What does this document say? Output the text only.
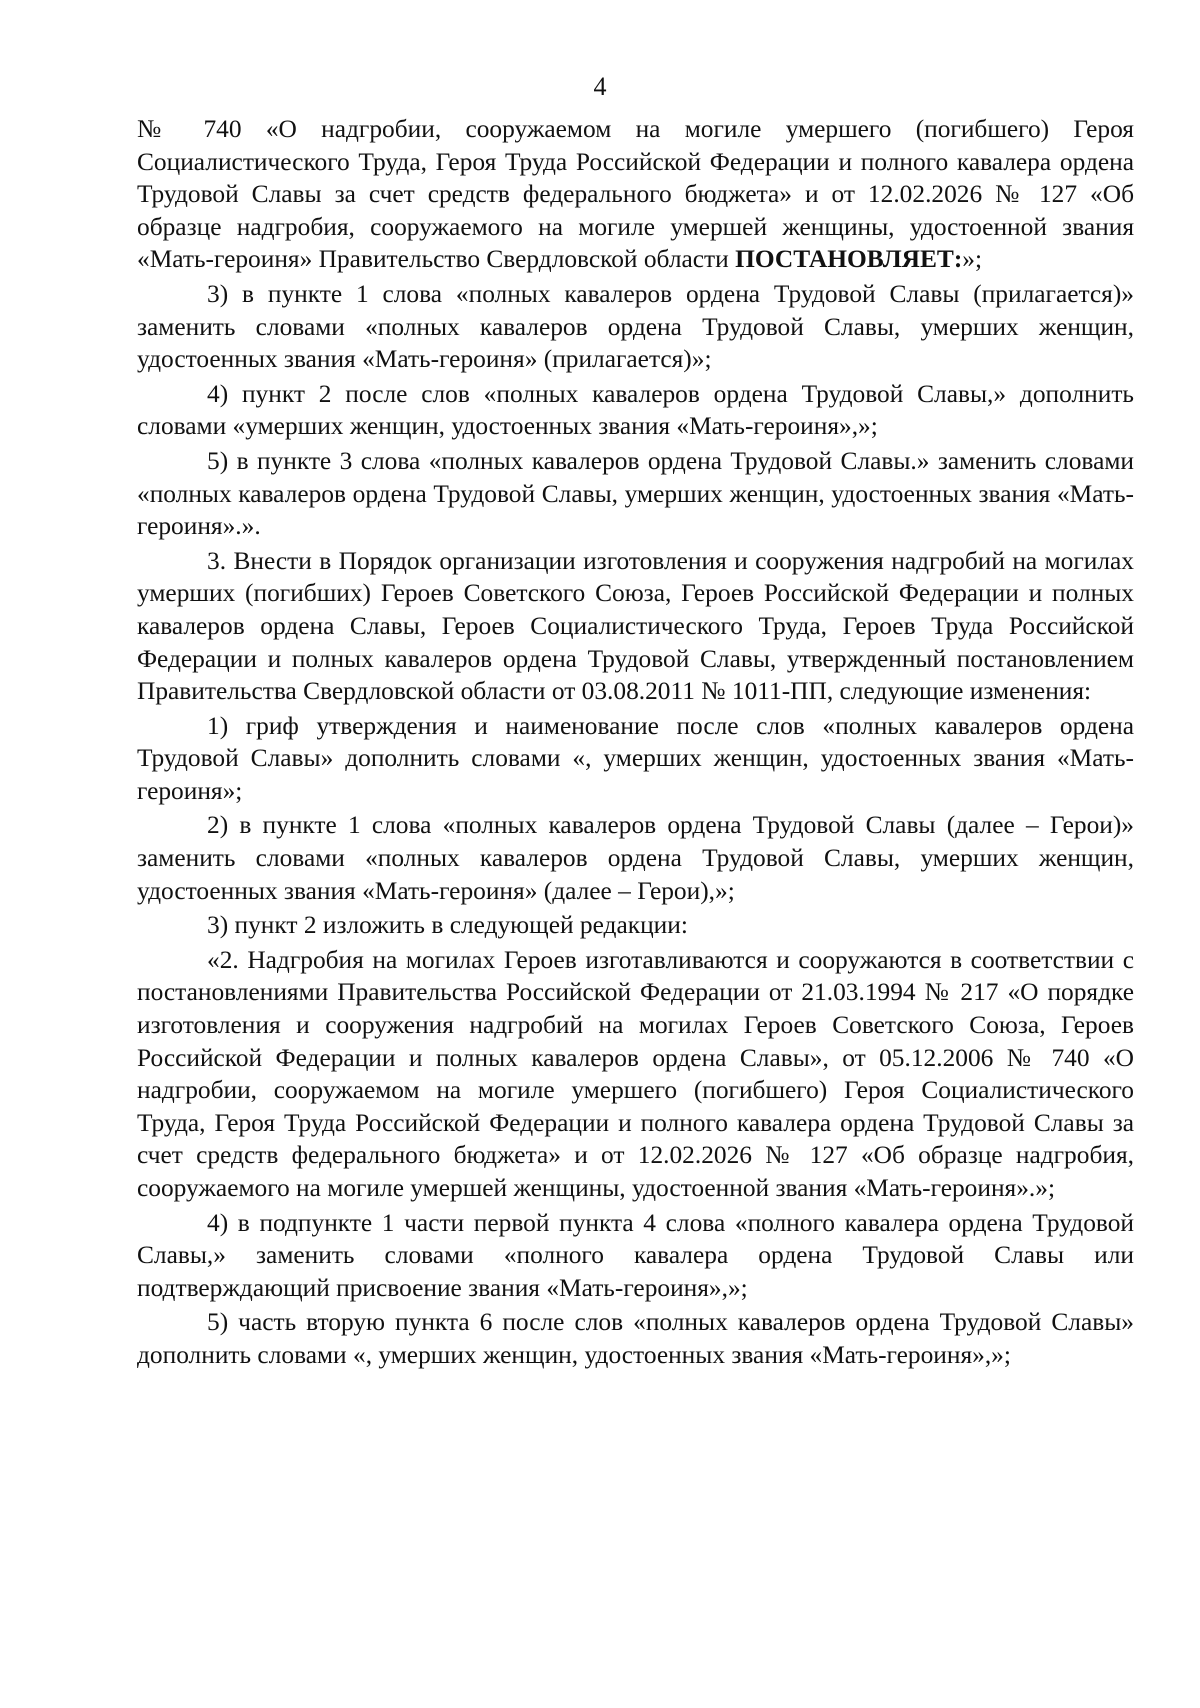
4

№ 740 «О надгробии, сооружаемом на могиле умершего (погибшего) Героя Социалистического Труда, Героя Труда Российской Федерации и полного кавалера ордена Трудовой Славы за счет средств федерального бюджета» и от 12.02.2026 № 127 «Об образце надгробия, сооружаемого на могиле умершей женщины, удостоенной звания «Мать-героиня» Правительство Свердловской области ПОСТАНОВЛЯЕТ:»;

3) в пункте 1 слова «полных кавалеров ордена Трудовой Славы (прилагается)» заменить словами «полных кавалеров ордена Трудовой Славы, умерших женщин, удостоенных звания «Мать-героиня» (прилагается)»;

4) пункт 2 после слов «полных кавалеров ордена Трудовой Славы,» дополнить словами «умерших женщин, удостоенных звания «Мать-героиня»,»;

5) в пункте 3 слова «полных кавалеров ордена Трудовой Славы.» заменить словами «полных кавалеров ордена Трудовой Славы, умерших женщин, удостоенных звания «Мать-героиня».».

3. Внести в Порядок организации изготовления и сооружения надгробий на могилах умерших (погибших) Героев Советского Союза, Героев Российской Федерации и полных кавалеров ордена Славы, Героев Социалистического Труда, Героев Труда Российской Федерации и полных кавалеров ордена Трудовой Славы, утвержденный постановлением Правительства Свердловской области от 03.08.2011 № 1011-ПП, следующие изменения:

1) гриф утверждения и наименование после слов «полных кавалеров ордена Трудовой Славы» дополнить словами «, умерших женщин, удостоенных звания «Мать-героиня»;

2) в пункте 1 слова «полных кавалеров ордена Трудовой Славы (далее – Герои)» заменить словами «полных кавалеров ордена Трудовой Славы, умерших женщин, удостоенных звания «Мать-героиня» (далее – Герои),»;

3) пункт 2 изложить в следующей редакции:

«2. Надгробия на могилах Героев изготавливаются и сооружаются в соответствии с постановлениями Правительства Российской Федерации от 21.03.1994 № 217 «О порядке изготовления и сооружения надгробий на могилах Героев Советского Союза, Героев Российской Федерации и полных кавалеров ордена Славы», от 05.12.2006 № 740 «О надгробии, сооружаемом на могиле умершего (погибшего) Героя Социалистического Труда, Героя Труда Российской Федерации и полного кавалера ордена Трудовой Славы за счет средств федерального бюджета» и от 12.02.2026 № 127 «Об образце надгробия, сооружаемого на могиле умершей женщины, удостоенной звания «Мать-героиня».»;

4) в подпункте 1 части первой пункта 4 слова «полного кавалера ордена Трудовой Славы,» заменить словами «полного кавалера ордена Трудовой Славы или подтверждающий присвоение звания «Мать-героиня»,»;

5) часть вторую пункта 6 после слов «полных кавалеров ордена Трудовой Славы» дополнить словами «, умерших женщин, удостоенных звания «Мать-героиня»,»;
